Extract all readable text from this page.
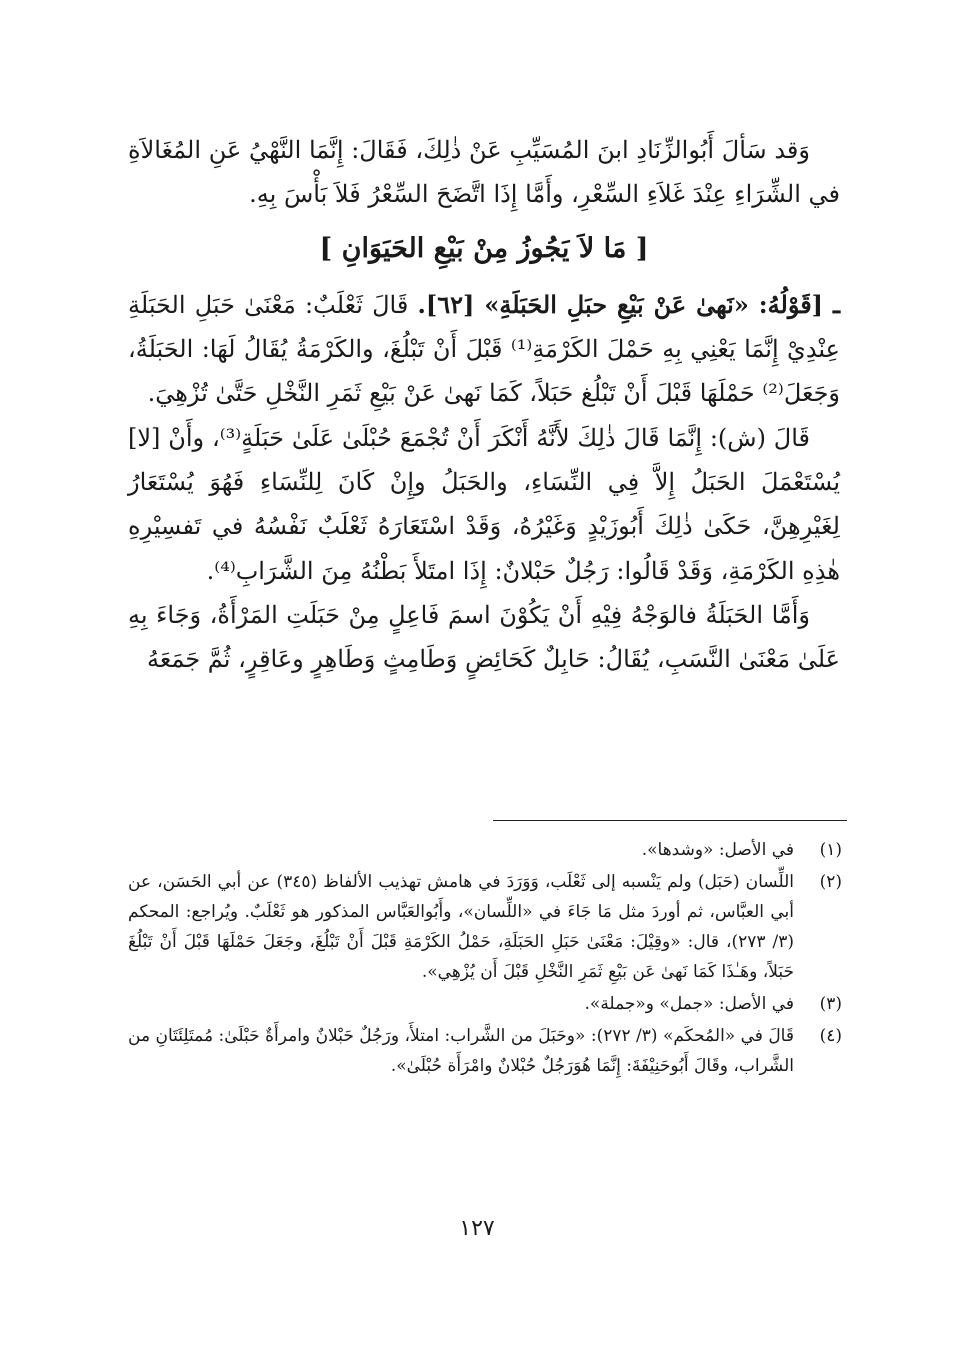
وَقد سَألَ أَبُوالزِّنَادِ ابنَ المُسَيِّبِ عَنْ ذٰلِكَ، فَقَالَ: إِنَّمَا النَّهْيُ عَنِ المُغَالاَةِ في الشِّرَاءِ عِنْدَ غَلاَءِ السِّعْرِ، وأَمَّا إِذَا اتَّضَحَ السِّعْرُ فَلاَ بَأْسَ بِهِ.

[ مَا لاَ يَجُوزُ مِنْ بَيْعِ الحَيَوَانِ ]

ـ [قَوْلُهُ: «نَهىٰ عَنْ بَيْعِ حبَلِ الحَبَلَةِ» [٦٢]. قَالَ ثَعْلَبٌ: مَعْنَىٰ حَبَلِ الحَبَلَةِ عِنْدِيْ إِنَّمَا يَعْنِي بِهِ حَمْلَ الكَرْمَةِ⁽¹⁾ قَبْلَ أَنْ تَبْلُغَ، والكَرْمَةُ يُقَالُ لَهَا: الحَبَلَةُ، وَجَعَلَ⁽²⁾ حَمْلَهَا قَبْلَ أَنْ تَبْلُغ حَبَلاً، كَمَا نَهىٰ عَنْ بَيْعِ ثَمَرِ النَّخْلِ حَتَّىٰ تُزْهِيَ.

قَالَ (ش): إِنَّمَا قَالَ ذٰلِكَ لأَنَّهُ أَنْكَرَ أَنْ تُجْمَعَ حُبْلَىٰ عَلَىٰ حَبَلَةٍ⁽³⁾، وأَنْ [لا] يُسْتَعْمَلَ الحَبَلُ إِلاَّ فِي النِّسَاءِ، والحَبَلُ وإِنْ كَانَ لِلنِّسَاءِ فَهُوَ يُسْتَعَارُ لِغَيْرِهِنَّ، حَكَىٰ ذٰلِكَ أَبُوزَيْدٍ وَغَيْرُهُ، وَقَدْ اسْتَعَارَهُ ثَعْلَبٌ نَفْسُهُ في تَفسِيْرِهِ هٰذِهِ الكَرْمَةِ، وَقَدْ قَالُوا: رَجُلٌ حَبْلانٌ: إِذَا امتَلأَ بَطْنُهُ مِنَ الشَّرَابِ⁽⁴⁾.

وَأَمَّا الحَبَلَةُ فالوَجْهُ فِيْهِ أَنْ يَكُوْنَ اسمَ فَاعِلٍ مِنْ حَبَلَتِ المَرْأَةُ، وَجَاءَ بِهِ عَلَىٰ مَعْنَىٰ النَّسَبِ، يُقَالُ: حَابِلٌ كَحَائِضٍ وَطَامِثٍ وَطَاهِرٍ وعَاقِرٍ، ثُمَّ جَمَعَهُ

(١)
في الأصل: «وشدها».
(٢)
اللِّسان (حَبَل) ولم يَنْسبه إلى ثَعْلَب، وَوَرَدَ في هامش تهذيب الألفاظ (٣٤٥) عن أبي الحَسَن، عن أبي العبَّاس، ثم أوردَ مثل مَا جَاءَ في «اللِّسان»، وأَبُوالعَبَّاس المذكور هو ثَعْلَبٌ. ويُراجع: المحكم (٣/ ٢٧٣)، قال: «وقِيْلَ: مَعْنَىٰ حَبَلِ الحَبَلَةِ، حَمْلُ الكَرْمَةِ قَبْلَ أَنْ تَبْلُغَ، وجَعَلَ حَمْلَهَا قَبْلَ أَنْ تَبْلُغَ حَبَلاً، وهَـٰذَا كَمَا نَهىٰ عَن بَيْعِ ثَمَرِ النَّخْلِ قَبْلَ أَن يُزْهِي».
(٣)
في الأصل: «جمل» و«جملة».
(٤)
قَالَ في «المُحكَم» (٣/ ٢٧٢): «وحَبَلَ من الشَّراب: امتلأَ، ورَجُلٌ حَبْلانٌ وامرأَةٌ حَبْلَىٰ: مُمتَلِئَتَانِ من الشَّراب، وقَالَ أَبُوحَنِيْفَةَ: إِنَّمَا هُوَرَجُلٌ حُبْلانٌ وامْرَأَة حُبْلَىٰ».
١٢٧
